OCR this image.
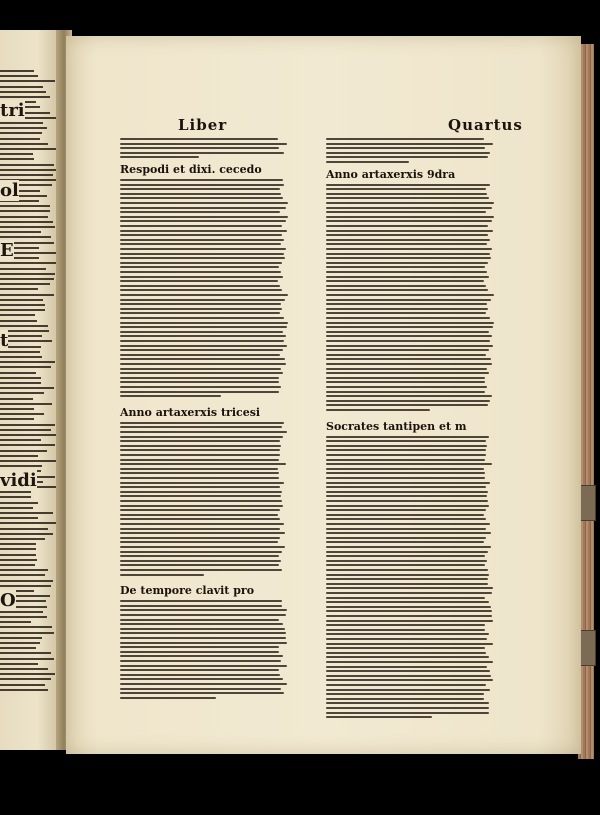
tri
ol
E
t
vidi
O
Liber	Quartus
Respodi et dixi. cecedo
Anno artaxerxis tricesi
De tempore clavit pro
Anno artaxerxis 9dra
Socrates tantipen et m
